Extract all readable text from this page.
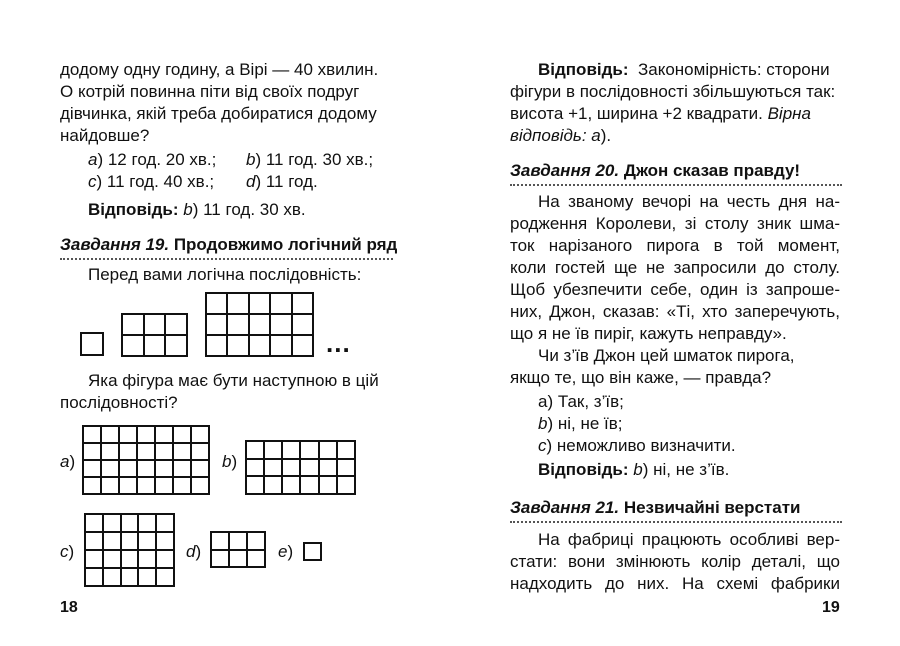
додому одну годину, а Вірі — 40 хвилин.
О котрій повинна піти від своїх подруг
дівчинка, якій треба добиратися додому
найдовше?
a) 12 год. 20 хв.; b) 11 год. 30 хв.;
c) 11 год. 40 хв.; d) 11 год.
Відповідь: b) 11 год. 30 хв.
Завдання 19. Продовжимо логічний ряд
Перед вами логічна послідовність:
...
Яка фігура має бути наступною в цій
послідовності?
a)	b)
c)	d)	e)
18
Відповідь: Закономірність: сторони
фігури в послідовності збільшуються так:
висота +1, ширина +2 квадрати. Вірна
відповідь: а).
Завдання 20. Джон сказав правду!
На званому вечорі на честь дня на-
родження Королеви, зі столу зник шма-
ток нарізаного пирога в той момент,
коли гостей ще не запросили до столу.
Щоб убезпечити себе, один із запроше-
них, Джон, сказав: «Ті, хто заперечують,
що я не їв пиріг, кажуть неправду».
Чи з’їв Джон цей шматок пирога,
якщо те, що він каже, — правда?
а) Так, з’їв;
b) ні, не їв;
c) неможливо визначити.
Відповідь: b) ні, не з’їв.
Завдання 21. Незвичайні верстати
На фабриці працюють особливі вер-
стати: вони змінюють колір деталі, що
надходить до них. На схемі фабрики
19
